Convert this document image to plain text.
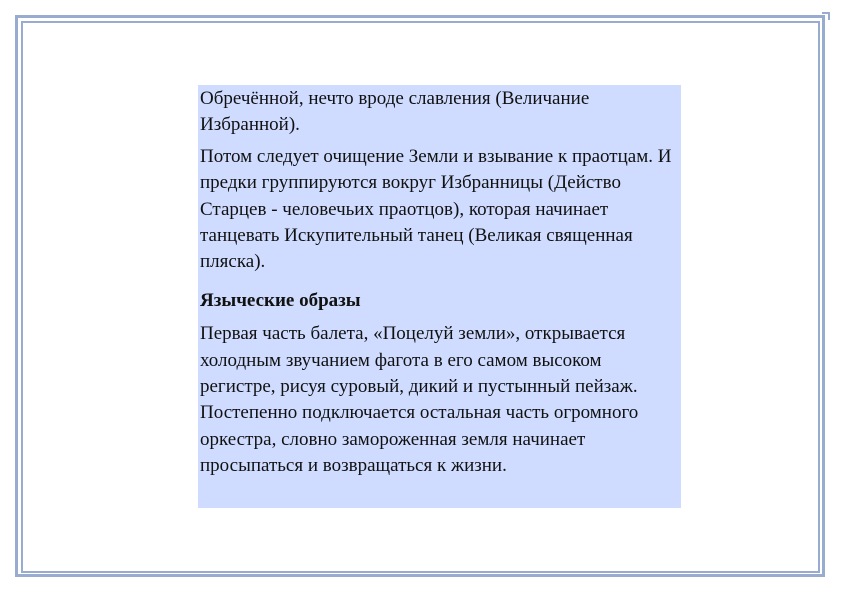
Обречённой, нечто вроде славления (Величание Избранной).

Потом следует очищение Земли и взывание к праотцам. И предки группируются вокруг Избранницы (Действо Старцев - человечьих праотцов), которая начинает танцевать Искупительный танец (Великая священная пляска).

Языческие образы

Первая часть балета, «Поцелуй земли», открывается холодным звучанием фагота в его самом высоком регистре, рисуя суровый, дикий и пустынный пейзаж. Постепенно подключается остальная часть огромного оркестра, словно замороженная земля начинает просыпаться и возвращаться к жизни.
